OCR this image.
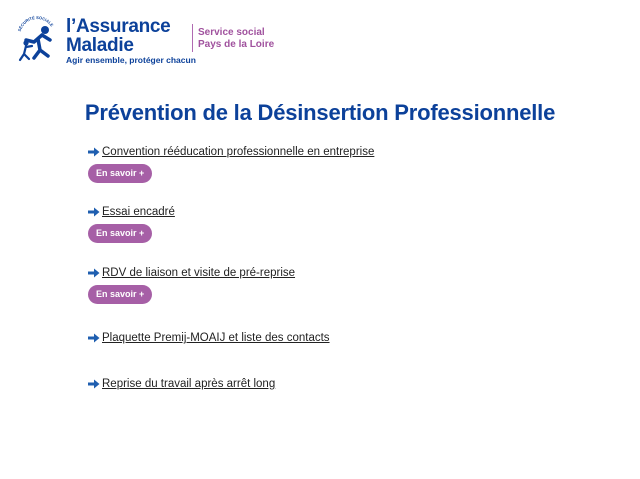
SÉCURITÉ SOCIALE l’Assurance
Maladie
Agir ensemble, protéger chacun
Service social
Pays de la Loire
Prévention de la Désinsertion Professionnelle
Convention rééducation professionnelle en entreprise
En savoir +
Essai encadré
En savoir +
RDV de liaison et visite de pré-reprise
En savoir +
Plaquette Premij-MOAIJ et liste des contacts
Reprise du travail après arrêt long
